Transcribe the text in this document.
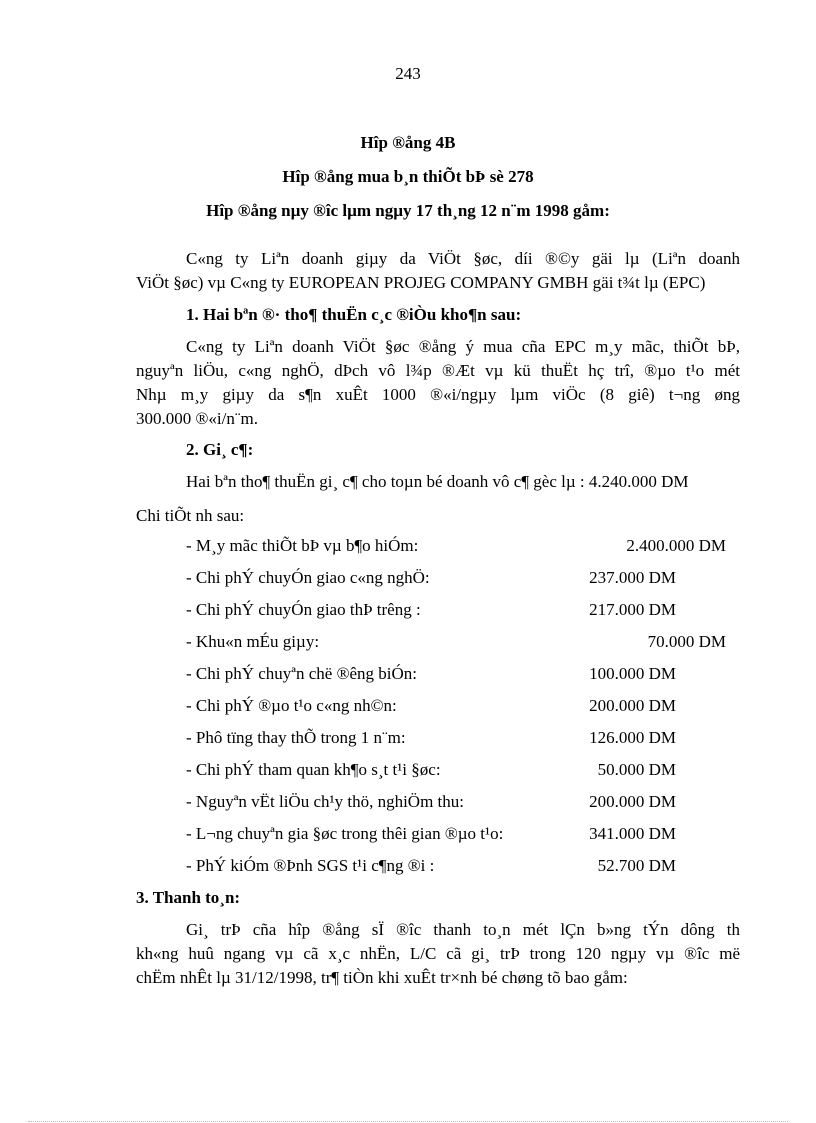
243
Hîp ®ång 4B
Hîp ®ång mua b¸n thiÕt bÞ sè 278
Hîp ®ång nµy ®îc lµm ngµy 17 th¸ng 12 n¨m 1998 gåm:
C«ng ty Liªn doanh giµy da ViÖt §øc, díi ®©y gäi lµ (Liªn doanh
ViÖt §øc) vµ C«ng ty EUROPEAN PROJEG COMPANY GMBH gäi t¾t lµ (EPC)
1. Hai bªn ®· tho¶ thuËn c¸c ®iÒu kho¶n sau:
C«ng ty Liªn doanh ViÖt §øc ®ång ý mua cña EPC m¸y mãc, thiÕt bÞ,
nguyªn liÖu, c«ng nghÖ, dÞch vô l¾p ®Æt vµ kü thuËt hç trî, ®µo t¹o mét
Nhµ m¸y giµy da s¶n xuÊt 1000 ®«i/ngµy lµm viÖc (8 giê) t¬ng øng
300.000 ®«i/n¨m.
2. Gi¸ c¶:
Hai bªn tho¶ thuËn gi¸ c¶ cho toµn bé doanh vô c¶ gèc lµ : 4.240.000 DM
Chi tiÕt nh sau:
- M¸y mãc thiÕt bÞ vµ b¶o hiÓm:	2.400.000 DM
- Chi phÝ chuyÓn giao c«ng nghÖ:	237.000 DM
- Chi phÝ chuyÓn giao thÞ trêng :	217.000 DM
- Khu«n mÉu giµy:	70.000 DM
- Chi phÝ chuyªn chë ®êng biÓn:	100.000 DM
- Chi phÝ ®µo t¹o c«ng nh©n:	200.000 DM
- Phô tïng thay thÕ trong 1 n¨m:	126.000 DM
- Chi phÝ tham quan kh¶o s¸t t¹i §øc:	50.000 DM
- Nguyªn vËt liÖu ch¹y thö, nghiÖm thu:	200.000 DM
- L¬ng chuyªn gia §øc trong thêi gian ®µo t¹o:	341.000 DM
- PhÝ kiÓm ®Þnh SGS t¹i c¶ng ®i :	52.700 DM
3. Thanh to¸n:
Gi¸ trÞ cña hîp ®ång sÏ ®îc thanh to¸n mét lÇn b»ng tÝn dông th
kh«ng huû ngang vµ cã x¸c nhËn, L/C cã gi¸ trÞ trong 120 ngµy vµ ®îc më
chËm nhÊt lµ 31/12/1998, tr¶ tiÒn khi xuÊt tr×nh bé chøng tõ bao gåm:
